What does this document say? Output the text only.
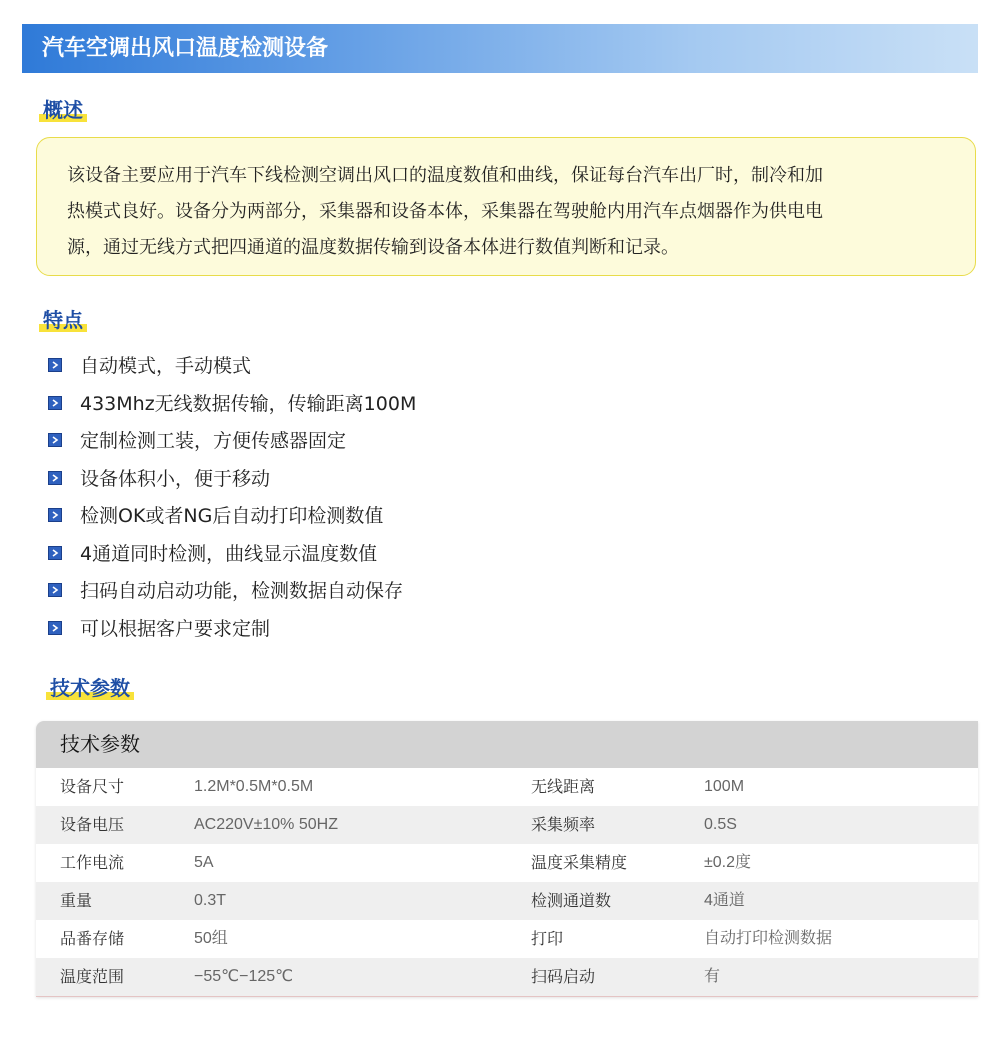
汽车空调出风口温度检测设备
概述

该设备主要应用于汽车下线检测空调出风口的温度数值和曲线，保证每台汽车出厂时，制冷和加

热模式良好。设备分为两部分，采集器和设备本体，采集器在驾驶舱内用汽车点烟器作为供电电

源，通过无线方式把四通道的温度数据传输到设备本体进行数值判断和记录。

特点
自动模式，手动模式
433Mhz无线数据传输，传输距离100M
定制检测工装，方便传感器固定
设备体积小，便于移动
检测OK或者NG后自动打印检测数值
4通道同时检测，曲线显示温度数值
扫码自动启动功能，检测数据自动保存
可以根据客户要求定制
技术参数
技术参数
设备尺寸	1.2M*0.5M*0.5M	无线距离	100M
设备电压	AC220V±10% 50HZ	采集频率	0.5S
工作电流	5A	温度采集精度	±0.2度
重量	0.3T	检测通道数	4通道
品番存储	50组	打印	自动打印检测数据
温度范围	−55℃−125℃	扫码启动	有
